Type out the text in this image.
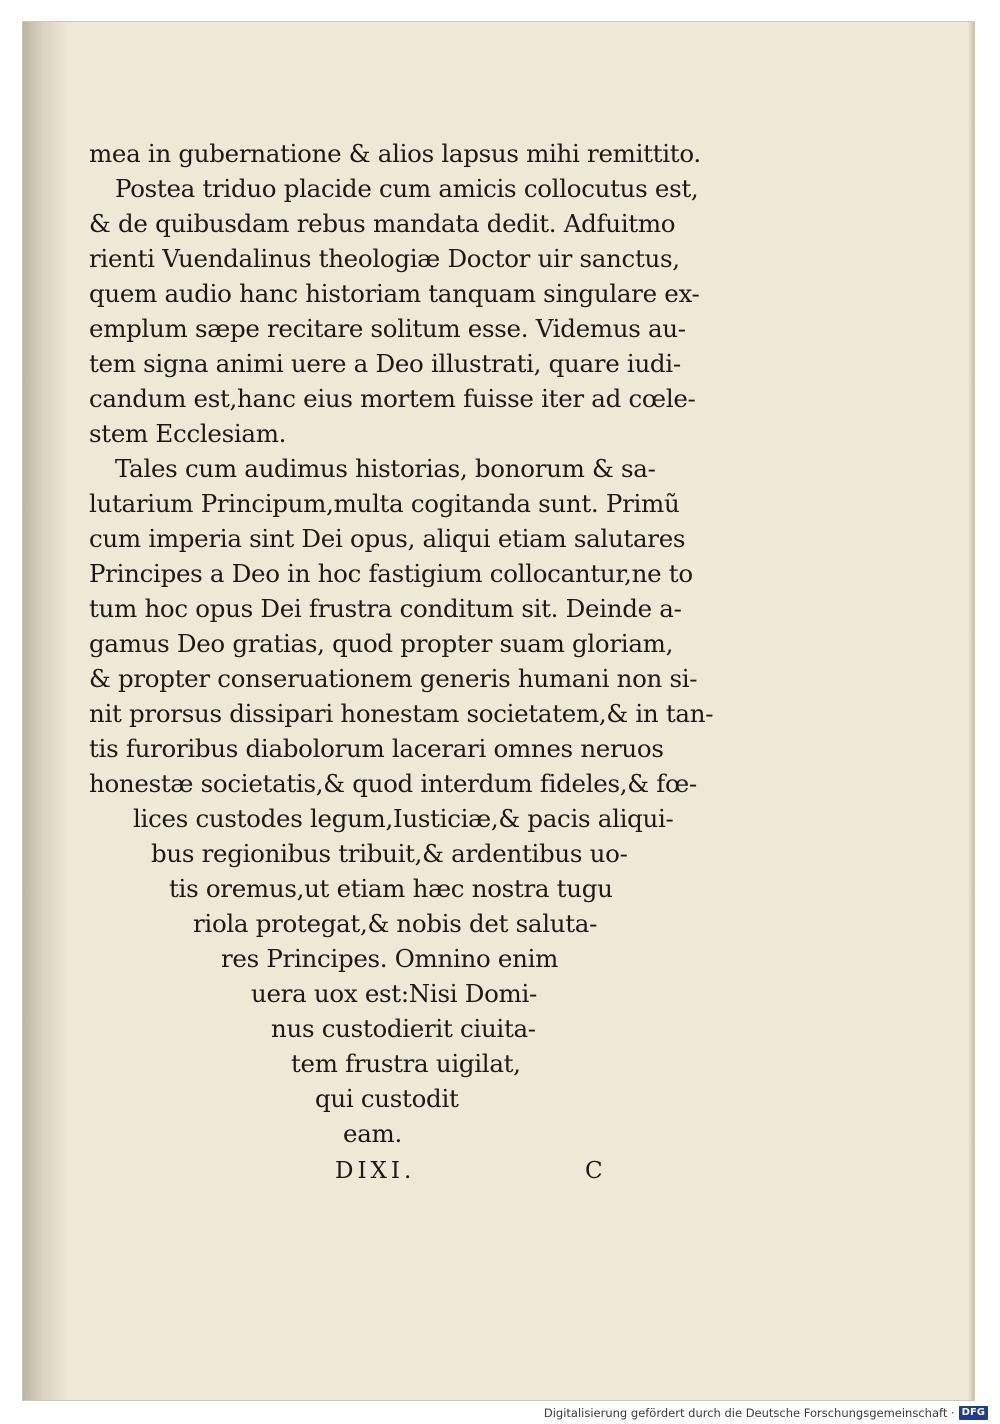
mea in gubernatione & alios lapsus mihi remittito.
Postea triduo placide cum amicis collocutus est,
& de quibusdam rebus mandata dedit. Adfuitmo
rienti Vuendalinus theologiæ Doctor uir sanctus,
quem audio hanc historiam tanquam singulare ex-
emplum sæpe recitare solitum esse. Videmus au-
tem signa animi uere a Deo illustrati, quare iudi-
candum est,hanc eius mortem fuisse iter ad cœle-
stem Ecclesiam.
Tales cum audimus historias, bonorum & sa-
lutarium Principum,multa cogitanda sunt. Primũ
cum imperia sint Dei opus, aliqui etiam salutares
Principes a Deo in hoc fastigium collocantur,ne to
tum hoc opus Dei frustra conditum sit. Deinde a-
gamus Deo gratias, quod propter suam gloriam,
& propter conseruationem generis humani non si-
nit prorsus dissipari honestam societatem,& in tan-
tis furoribus diabolorum lacerari omnes neruos
honestæ societatis,& quod interdum fideles,& fœ-
lices custodes legum,Iusticiæ,& pacis aliqui-
bus regionibus tribuit,& ardentibus uo-
tis oremus,ut etiam hæc nostra tugu
riola protegat,& nobis det saluta-
res Principes. Omnino enim
uera uox est:Nisi Domi-
nus custodierit ciuita-
tem frustra uigilat,
qui custodit
eam.
DIXI.	C
Digitalisierung gefördert durch die Deutsche Forschungsgemeinschaft · DFG
